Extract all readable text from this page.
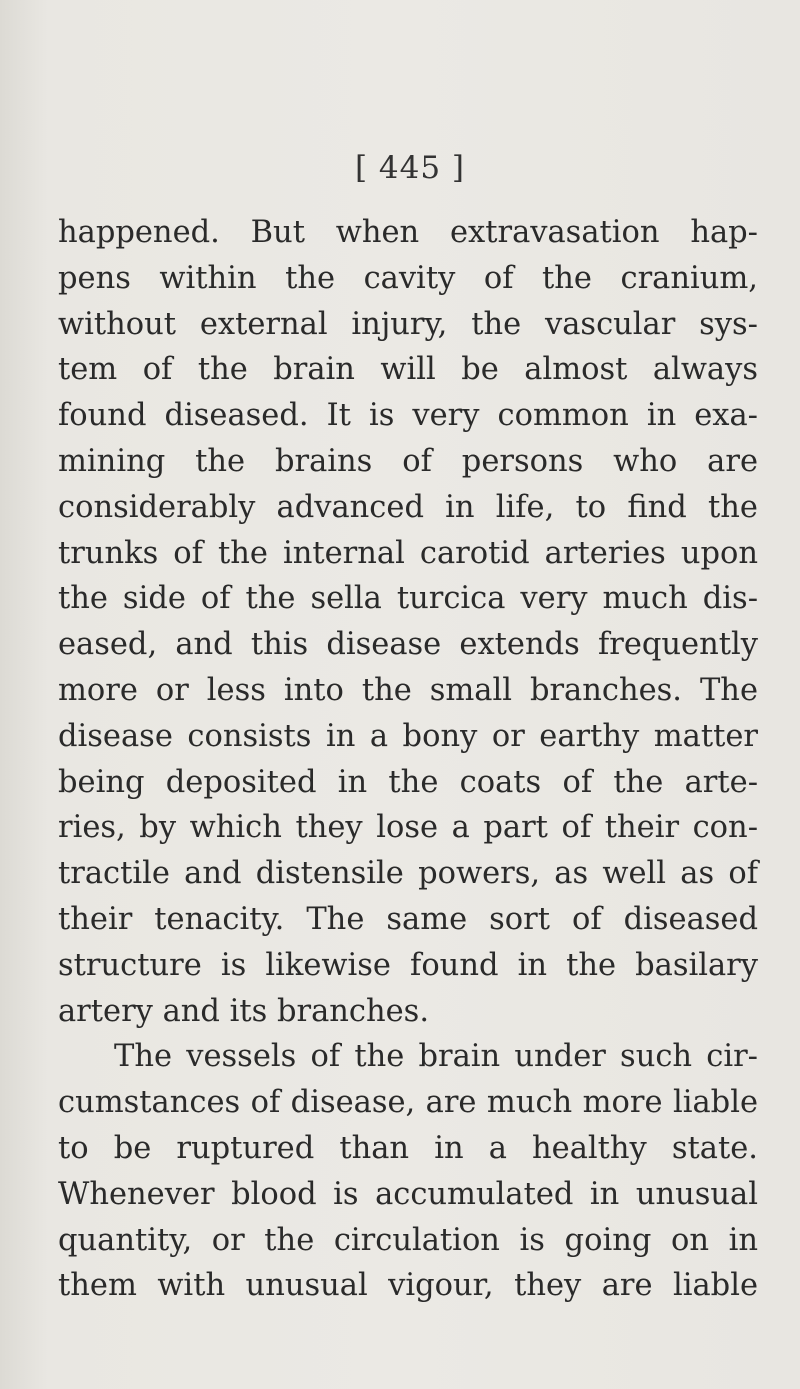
[ 445 ]
happened. But when extravasation hap-
pens within the cavity of the cranium,
without external injury, the vascular sys-
tem of the brain will be almost always
found diseased. It is very common in exa-
mining the brains of persons who are
considerably advanced in life, to find the
trunks of the internal carotid arteries upon
the side of the sella turcica very much dis-
eased, and this disease extends frequently
more or less into the small branches. The
disease consists in a bony or earthy matter
being deposited in the coats of the arte-
ries, by which they lose a part of their con-
tractile and distensile powers, as well as of
their tenacity. The same sort of diseased
structure is likewise found in the basilary
artery and its branches.
The vessels of the brain under such cir-
cumstances of disease, are much more liable
to be ruptured than in a healthy state.
Whenever blood is accumulated in unusual
quantity, or the circulation is going on in
them with unusual vigour, they are liable
